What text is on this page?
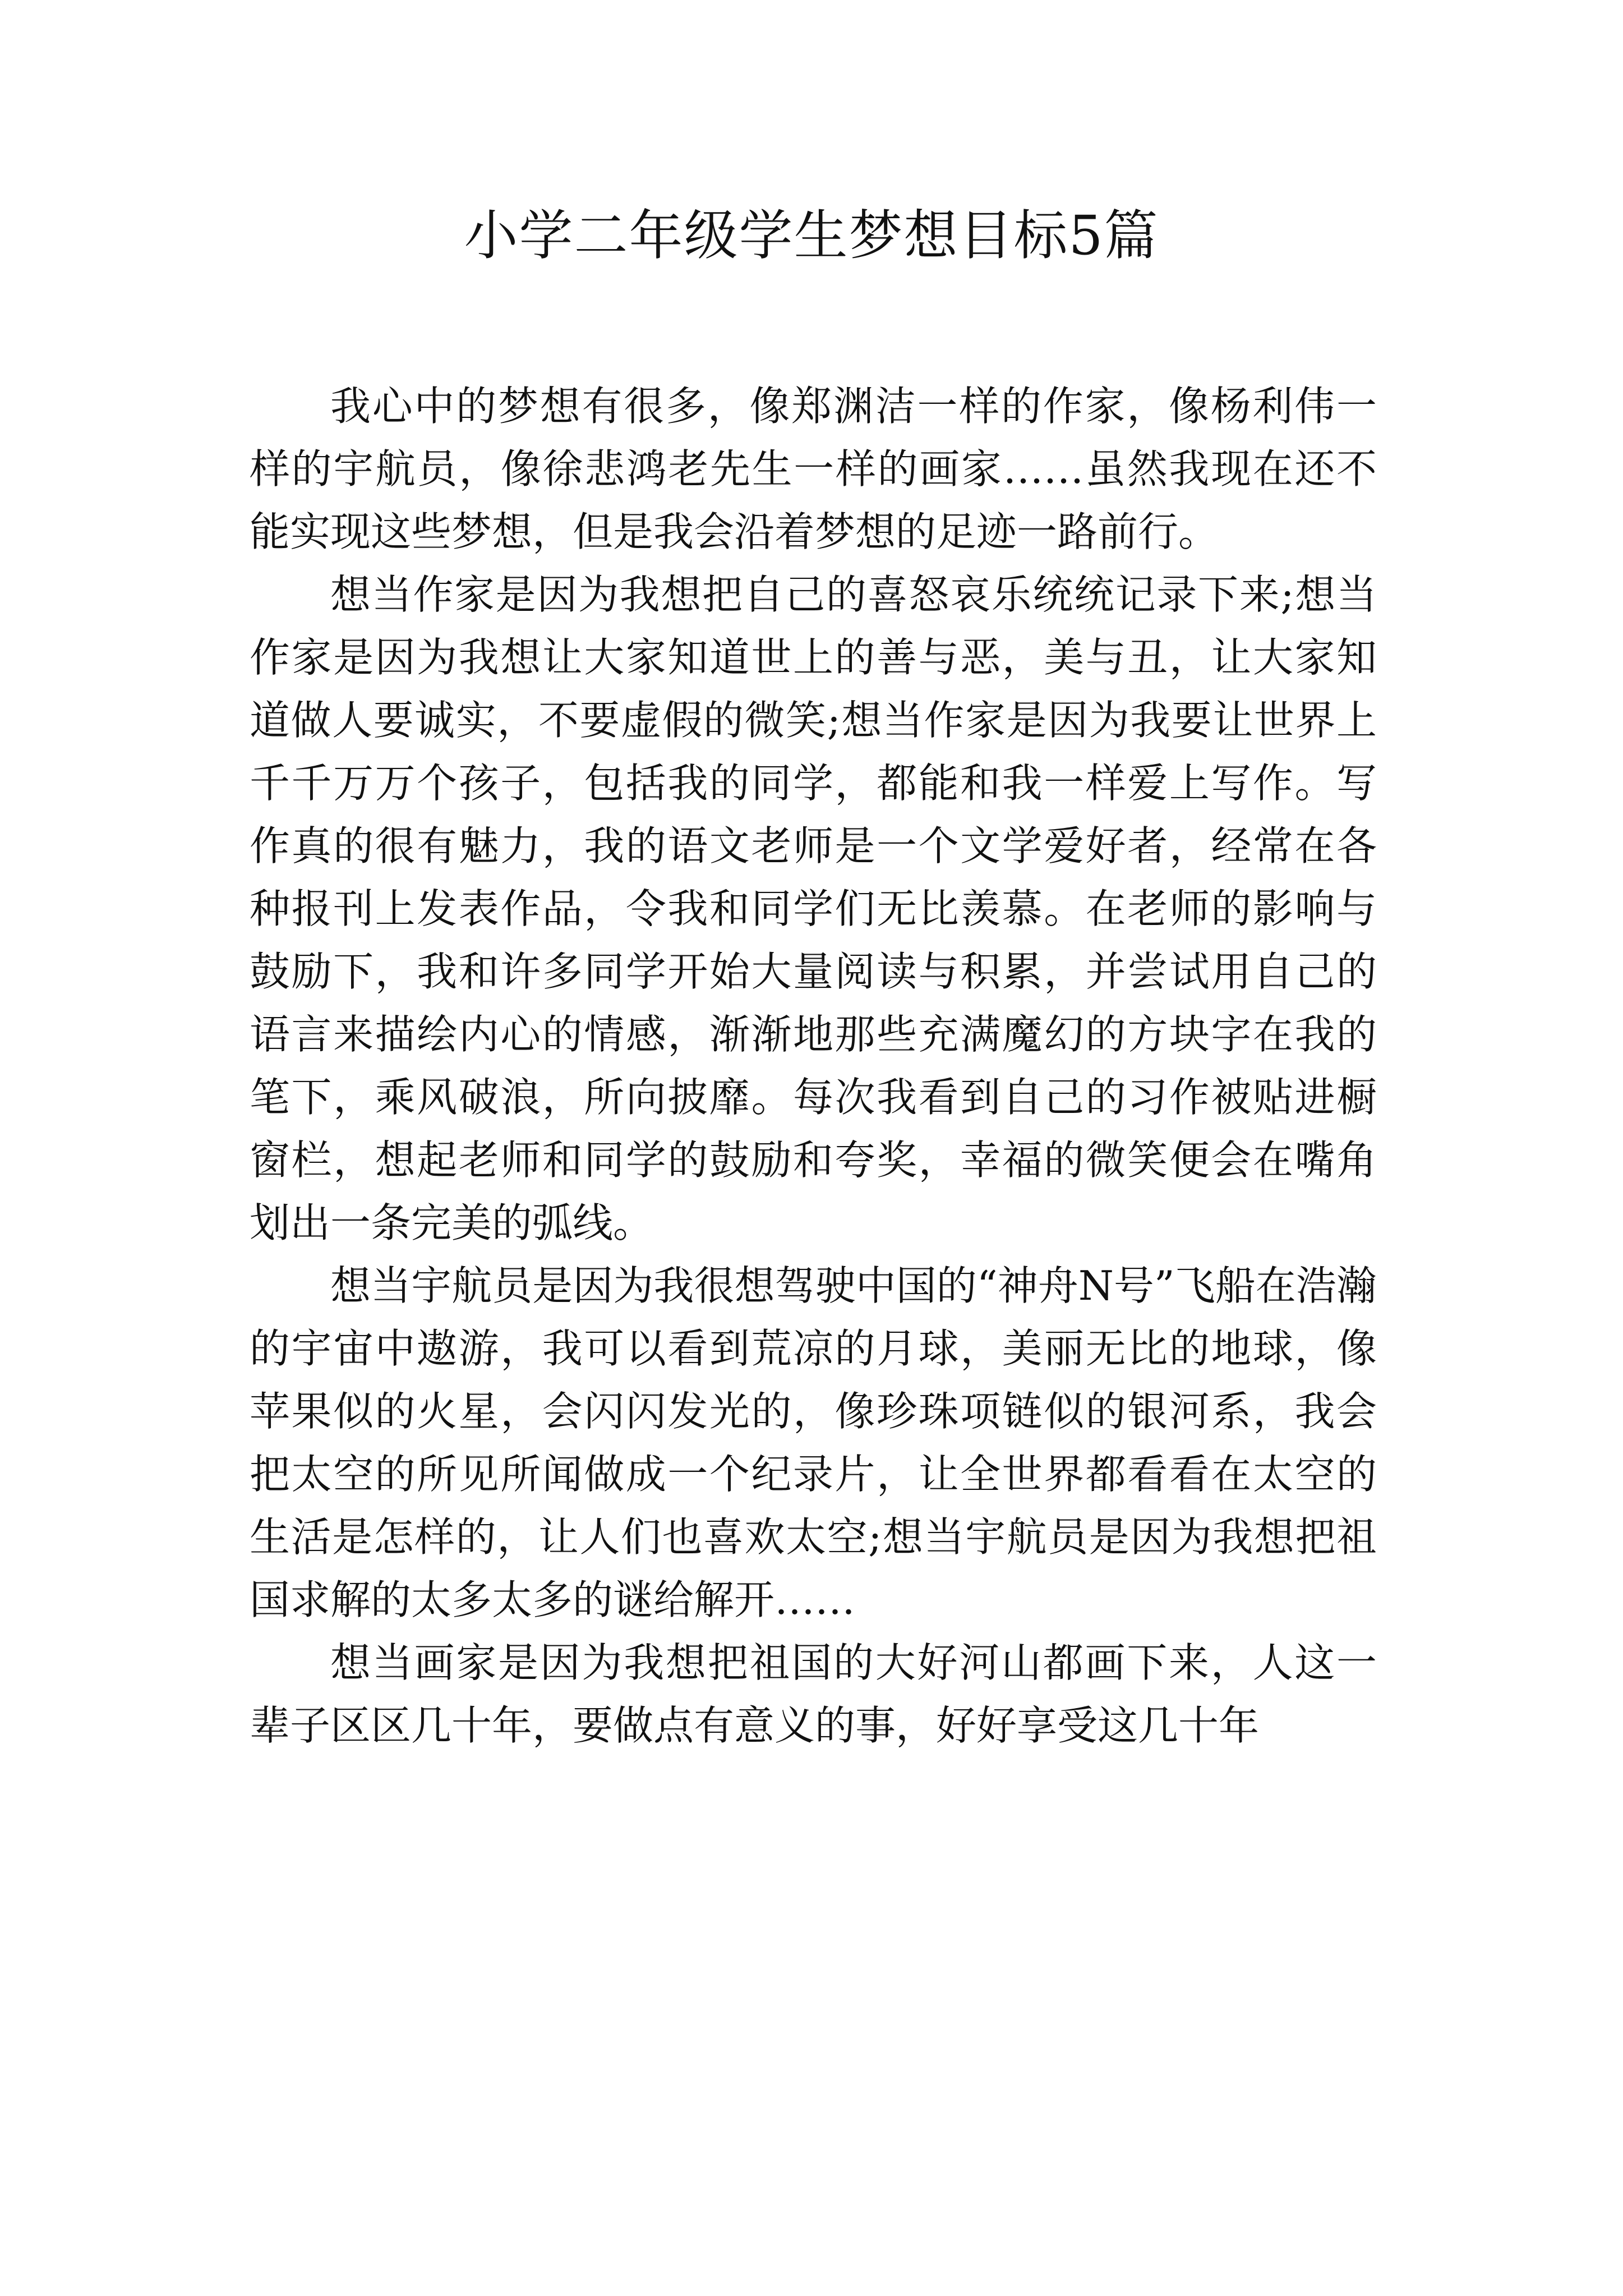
小学二年级学生梦想目标5篇

我心中的梦想有很多，像郑渊洁一样的作家，像杨利伟一样的宇航员，像徐悲鸿老先生一样的画家……虽然我现在还不能实现这些梦想，但是我会沿着梦想的足迹一路前行。

想当作家是因为我想把自己的喜怒哀乐统统记录下来;想当作家是因为我想让大家知道世上的善与恶，美与丑，让大家知道做人要诚实，不要虚假的微笑;想当作家是因为我要让世界上千千万万个孩子，包括我的同学，都能和我一样爱上写作。写作真的很有魅力，我的语文老师是一个文学爱好者，经常在各种报刊上发表作品，令我和同学们无比羡慕。在老师的影响与鼓励下，我和许多同学开始大量阅读与积累，并尝试用自己的语言来描绘内心的情感，渐渐地那些充满魔幻的方块字在我的笔下，乘风破浪，所向披靡。每次我看到自己的习作被贴进橱窗栏，想起老师和同学的鼓励和夸奖，幸福的微笑便会在嘴角划出一条完美的弧线。

想当宇航员是因为我很想驾驶中国的“神舟N号”飞船在浩瀚的宇宙中遨游，我可以看到荒凉的月球，美丽无比的地球，像苹果似的火星，会闪闪发光的，像珍珠项链似的银河系，我会把太空的所见所闻做成一个纪录片，让全世界都看看在太空的生活是怎样的，让人们也喜欢太空;想当宇航员是因为我想把祖国求解的太多太多的谜给解开……

想当画家是因为我想把祖国的大好河山都画下来，人这一辈子区区几十年，要做点有意义的事，好好享受这几十年
